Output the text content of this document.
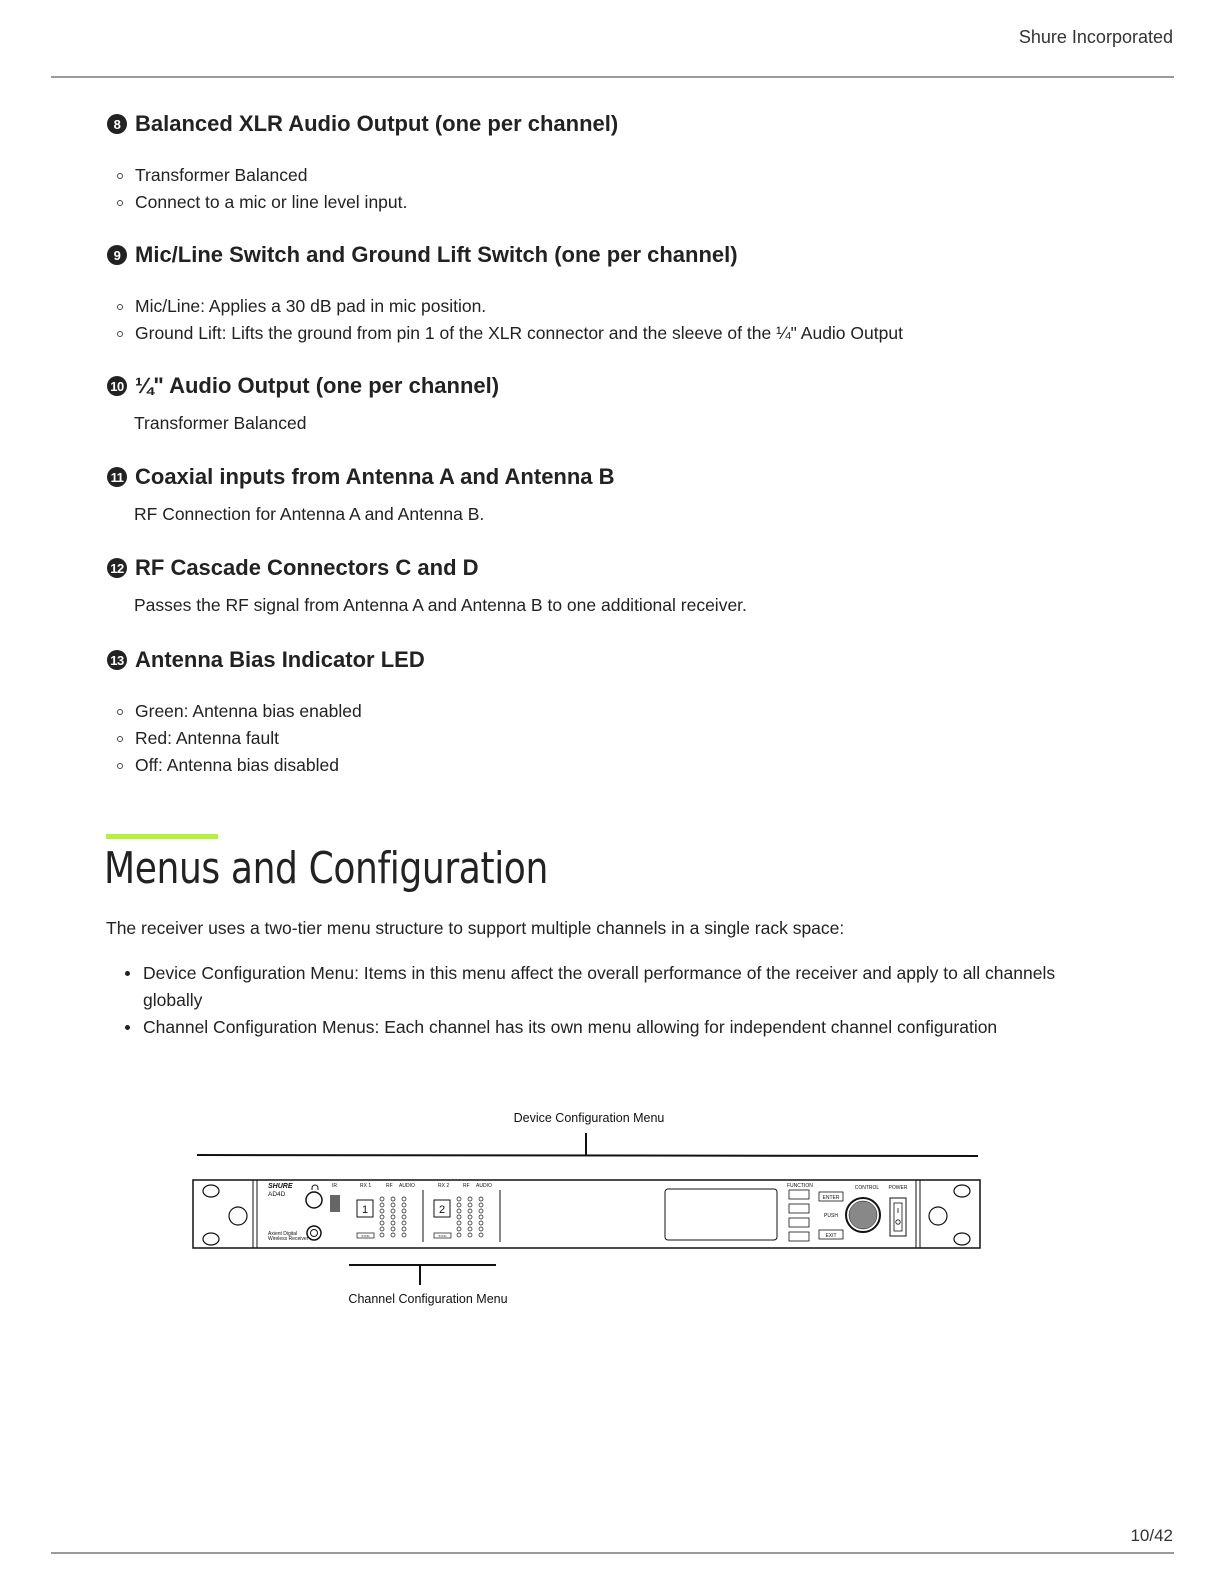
Shure Incorporated
8 Balanced XLR Audio Output (one per channel)
Transformer Balanced
Connect to a mic or line level input.
9 Mic/Line Switch and Ground Lift Switch (one per channel)
Mic/Line: Applies a 30 dB pad in mic position.
Ground Lift: Lifts the ground from pin 1 of the XLR connector and the sleeve of the ¼" Audio Output
10 ¼" Audio Output (one per channel)
Transformer Balanced
11 Coaxial inputs from Antenna A and Antenna B
RF Connection for Antenna A and Antenna B.
12 RF Cascade Connectors C and D
Passes the RF signal from Antenna A and Antenna B to one additional receiver.
13 Antenna Bias Indicator LED
Green: Antenna bias enabled
Red: Antenna fault
Off: Antenna bias disabled
Menus and Configuration
The receiver uses a two-tier menu structure to support multiple channels in a single rack space:
Device Configuration Menu: Items in this menu affect the overall performance of the receiver and apply to all channels globally
Channel Configuration Menus: Each channel has its own menu allowing for independent channel configuration
Device Configuration Menu
SHURE
AD4D
Axient Digital
Wireless Receiver
IR	RX 1	RF AUDIO
1
SYNC
RX 2	RF AUDIO
2
SYNC
FUNCTION
ENTER
PUSH
EXIT
CONTROL POWER
Channel Configuration Menu
10/42
